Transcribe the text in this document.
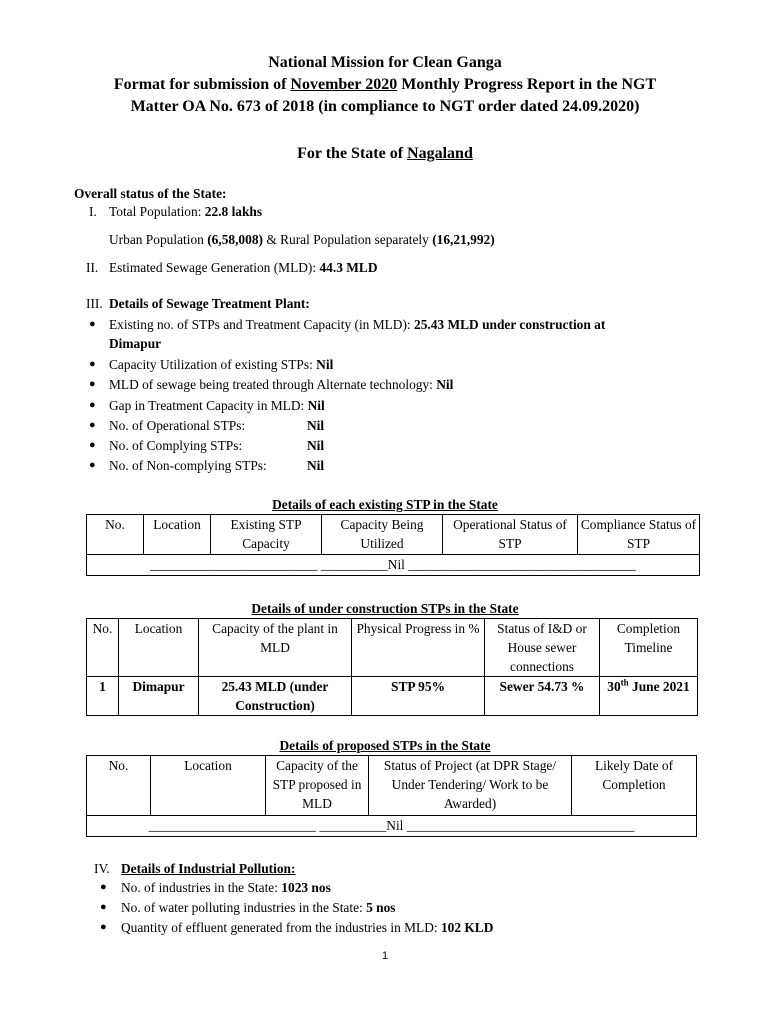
National Mission for Clean Ganga
Format for submission of November 2020 Monthly Progress Report in the NGT
Matter OA No. 673 of 2018 (in compliance to NGT order dated 24.09.2020)
For the State of Nagaland
Overall status of the State:
I. Total Population: 22.8 lakhs
Urban Population (6,58,008) & Rural Population separately (16,21,992)
II. Estimated Sewage Generation (MLD): 44.3 MLD
III. Details of Sewage Treatment Plant:
● Existing no. of STPs and Treatment Capacity (in MLD): 25.43 MLD under construction at
Dimapur
● Capacity Utilization of existing STPs: Nil
● MLD of sewage being treated through Alternate technology: Nil
● Gap in Treatment Capacity in MLD: Nil
● No. of Operational STPs:	Nil
● No. of Complying STPs:	Nil
● No. of Non-complying STPs:	Nil
Details of each existing STP in the State
No.	Location	Existing STP Capacity	Capacity Being Utilized	Operational Status of STP	Compliance Status of STP
_________________________ __________Nil __________________________________
Details of under construction STPs in the State
No.	Location	Capacity of the plant in MLD	Physical Progress in %	Status of I&D or House sewer connections	Completion Timeline
1	Dimapur	25.43 MLD (under Construction)	STP 95%	Sewer 54.73 %	30th June 2021
Details of proposed STPs in the State
No.	Location	Capacity of the STP proposed in MLD	Status of Project (at DPR Stage/ Under Tendering/ Work to be Awarded)	Likely Date of Completion
_________________________ __________Nil __________________________________
IV. Details of Industrial Pollution:
● No. of industries in the State: 1023 nos
● No. of water polluting industries in the State: 5 nos
● Quantity of effluent generated from the industries in MLD: 102 KLD
1
